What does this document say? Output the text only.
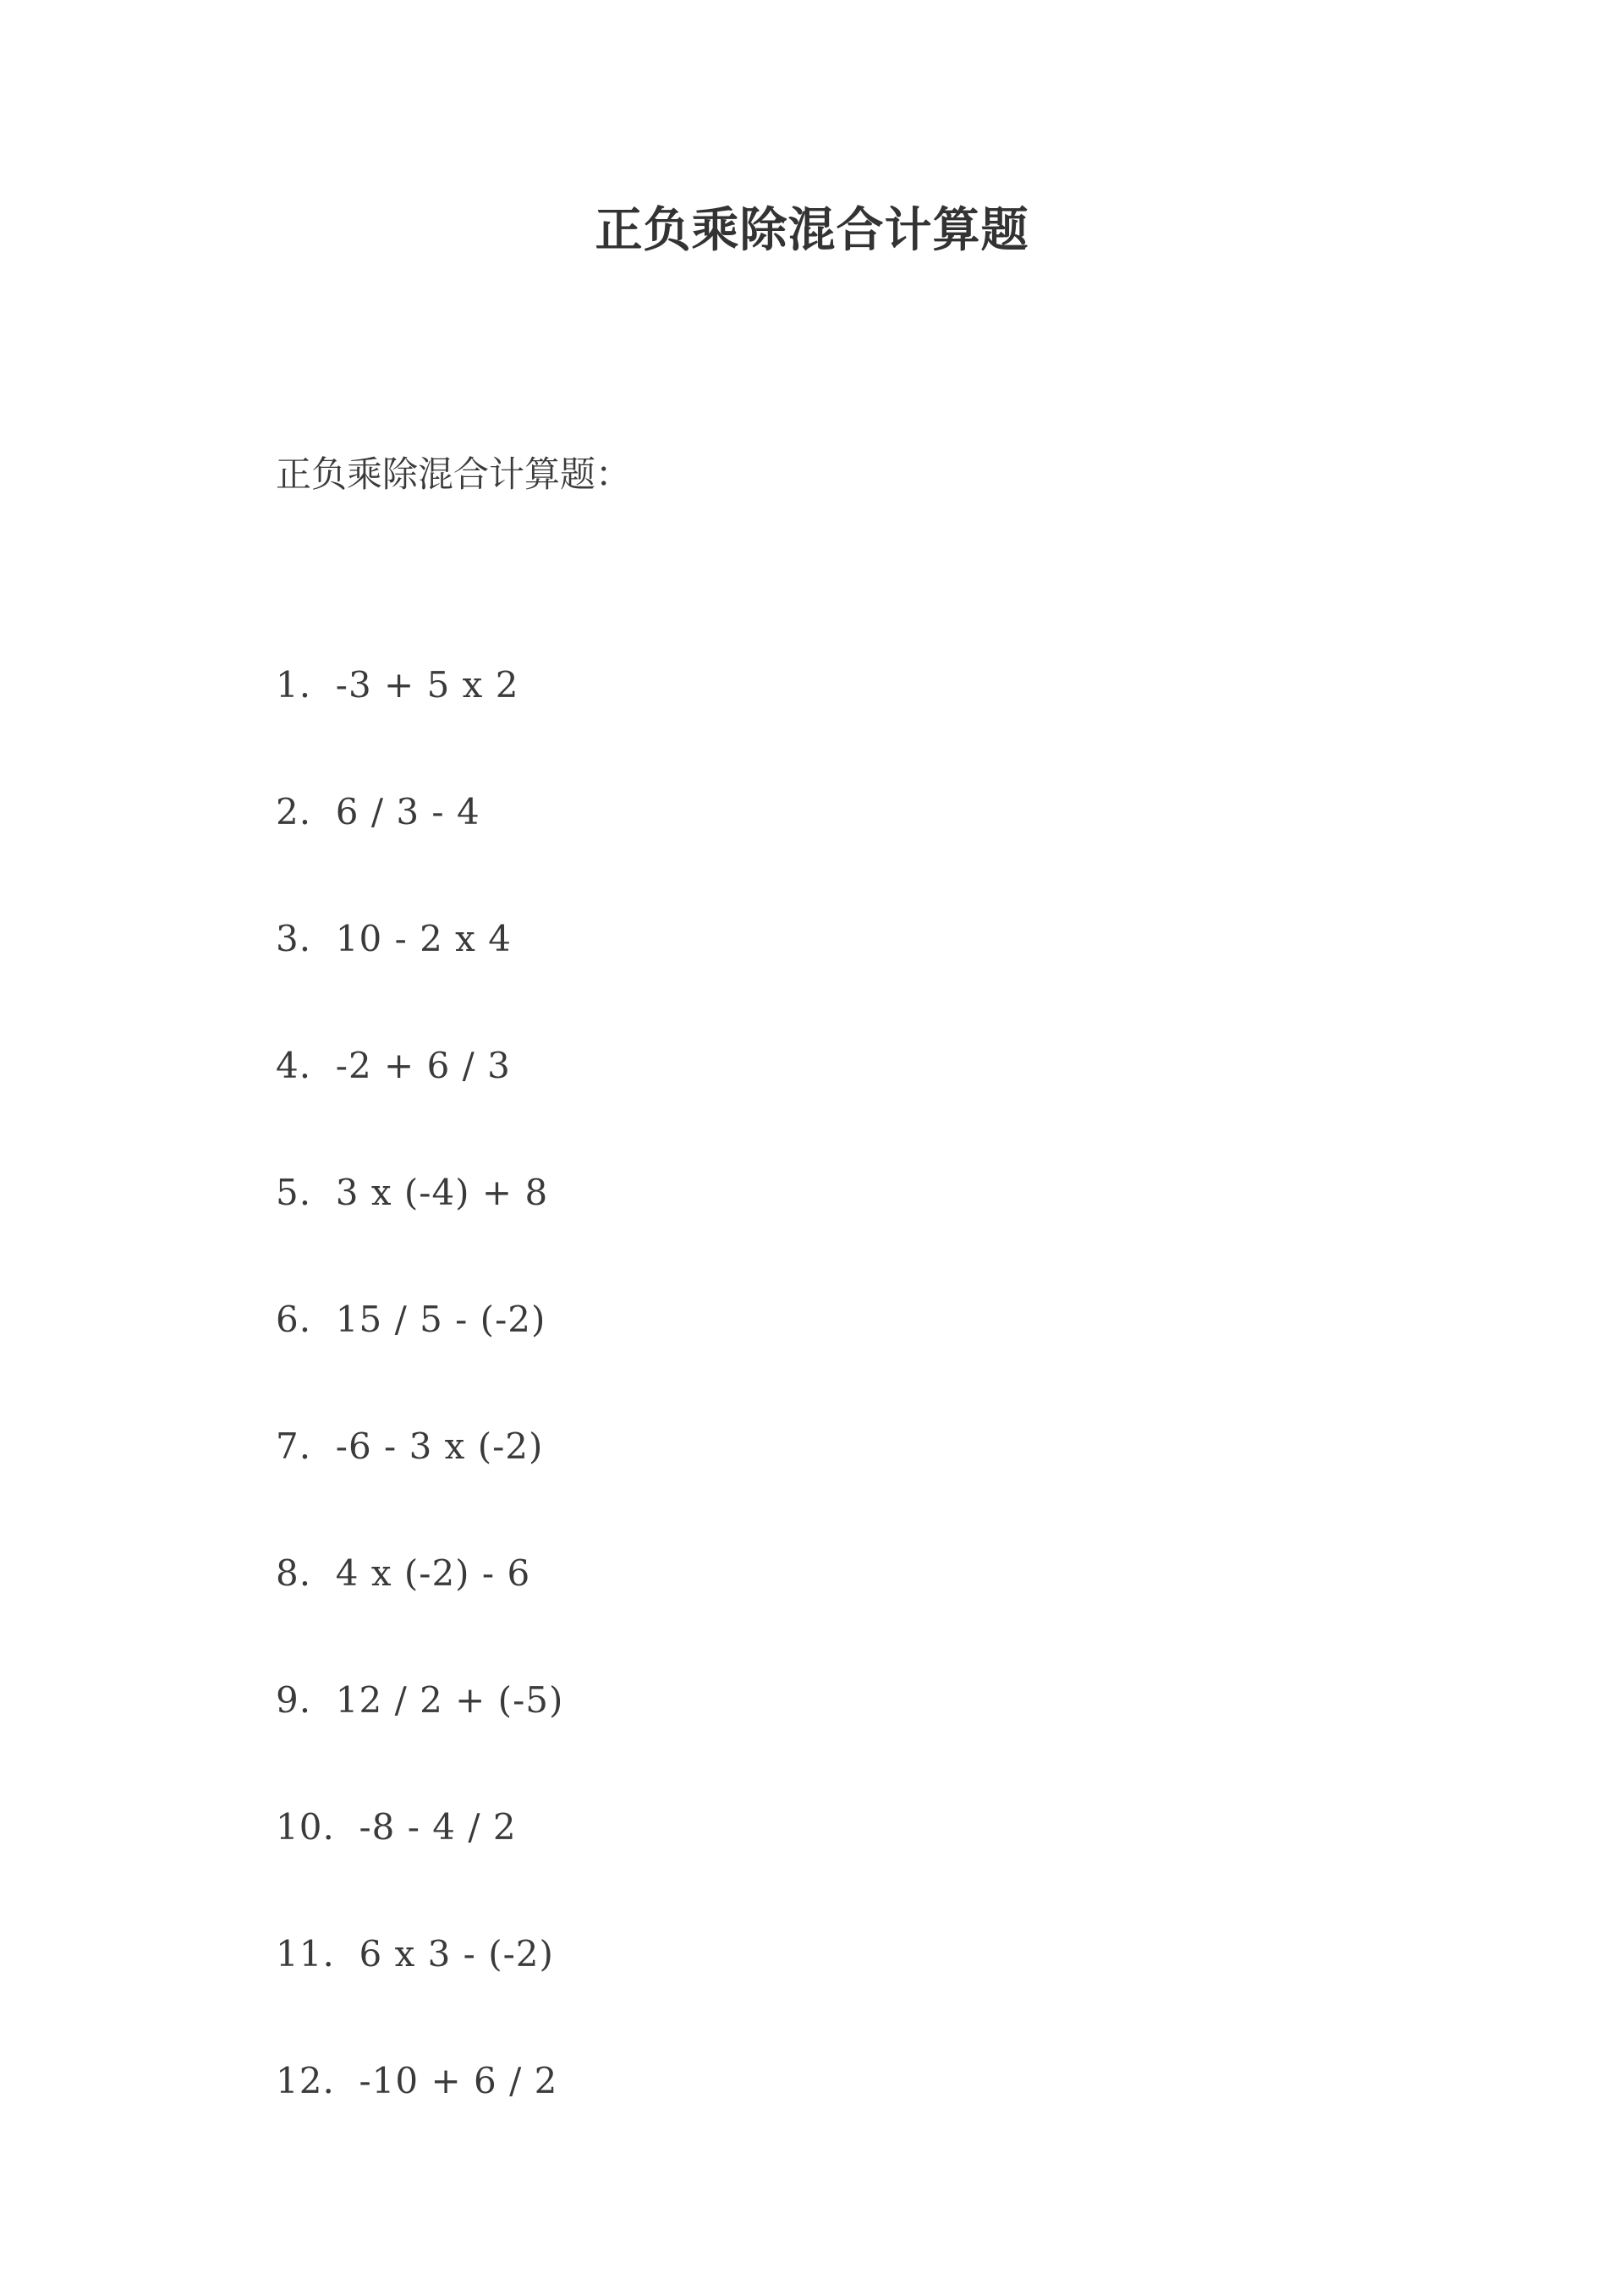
正负乘除混合计算题
正负乘除混合计算题：
1.  -3 + 5 x 2
2.  6 / 3 - 4
3.  10 - 2 x 4
4.  -2 + 6 / 3
5.  3 x (-4) + 8
6.  15 / 5 - (-2)
7.  -6 - 3 x (-2)
8.  4 x (-2) - 6
9.  12 / 2 + (-5)
10.  -8 - 4 / 2
11.  6 x 3 - (-2)
12.  -10 + 6 / 2
